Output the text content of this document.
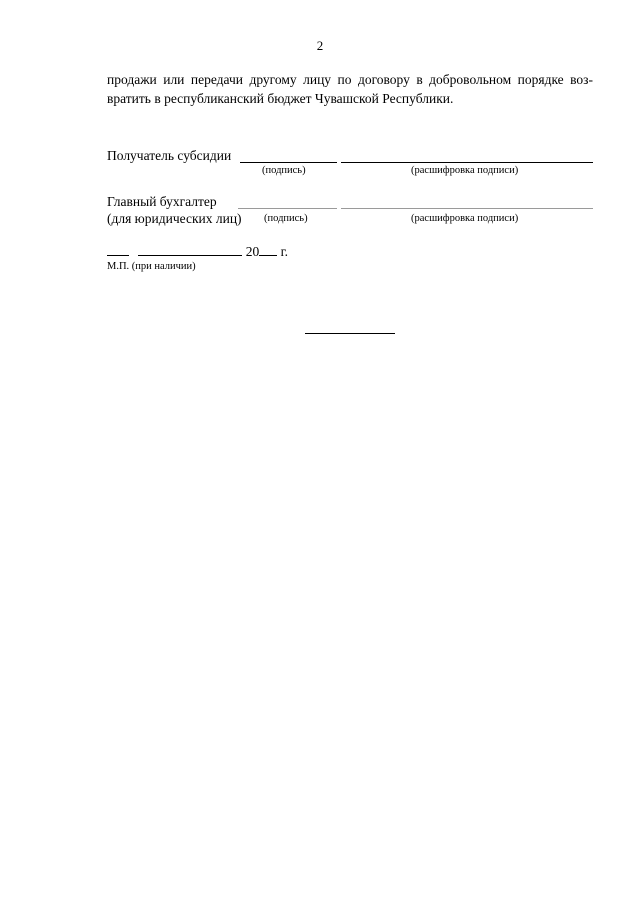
2
продажи или передачи другому лицу по договору в добровольном порядке воз-
вратить в республиканский бюджет Чувашской Республики.
Получатель субсидии
(подпись)	(расшифровка подписи)
Главный бухгалтер
(для юридических лиц) (подпись)	(расшифровка подписи)
20 г.
М.П. (при наличии)
